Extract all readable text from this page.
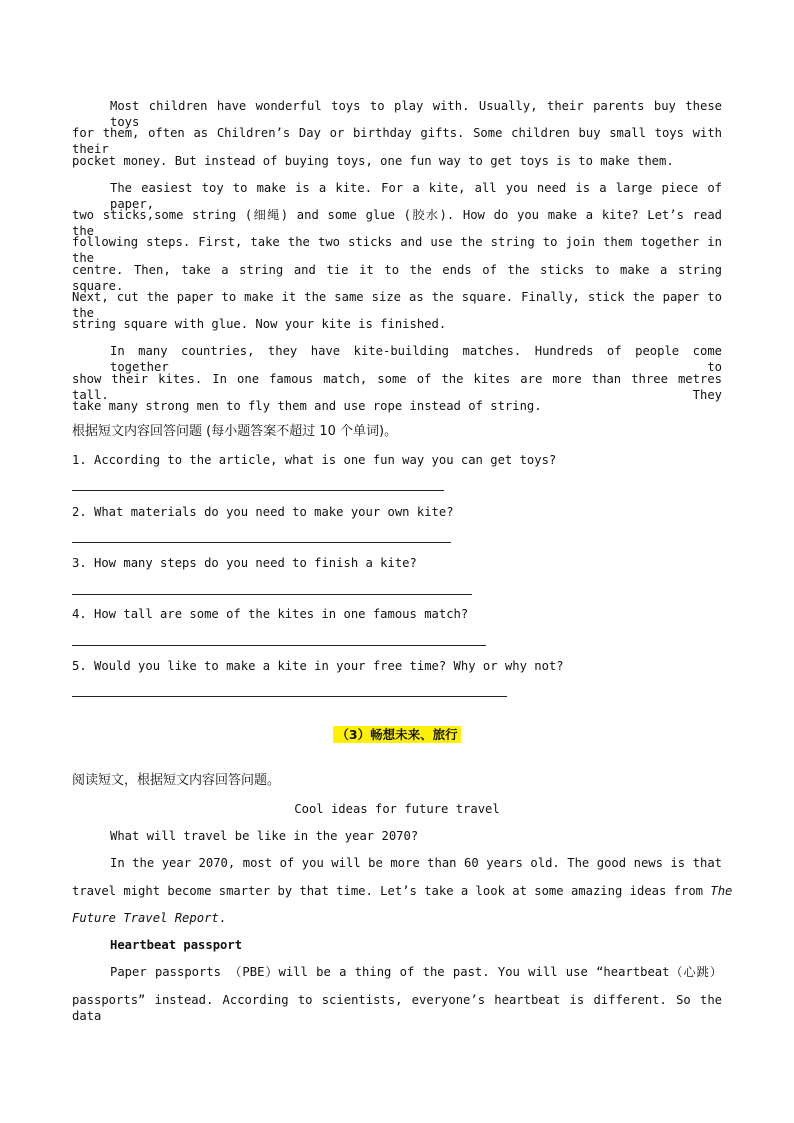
Most children have wonderful toys to play with. Usually, their parents buy these toys
for them, often as Children’s Day or birthday gifts. Some children buy small toys with their
pocket money. But instead of buying toys, one fun way to get toys is to make them.
The easiest toy to make is a kite. For a kite, all you need is a large piece of paper,
two sticks,some string (细绳) and some glue (胶水). How do you make a kite? Let’s read the
following steps. First, take the two sticks and use the string to join them together in the
centre. Then, take a string and tie it to the ends of the sticks to make a string square.
Next, cut the paper to make it the same size as the square. Finally, stick the paper to the
string square with glue. Now your kite is finished.
In many countries, they have kite-building matches. Hundreds of people come together to
show their kites. In one famous match, some of the kites are more than three metres tall. They
take many strong men to fly them and use rope instead of string.
根据短文内容回答问题 (每小题答案不超过 10 个单词)。
1. According to the article, what is one fun way you can get toys?
2. What materials do you need to make your own kite?
3. How many steps do you need to finish a kite?
4. How tall are some of the kites in one famous match?
5. Would you like to make a kite in your free time? Why or why not?
（3）畅想未来、旅行
阅读短文，根据短文内容回答问题。
Cool ideas for future travel
What will travel be like in the year 2070?
In the year 2070, most of you will be more than 60 years old. The good news is that
travel might become smarter by that time. Let’s take a look at some amazing ideas from The
Future Travel Report.
Heartbeat passport
Paper passports （PBE）will be a thing of the past. You will use “heartbeat（心跳）
passports” instead. According to scientists, everyone’s heartbeat is different. So the data
